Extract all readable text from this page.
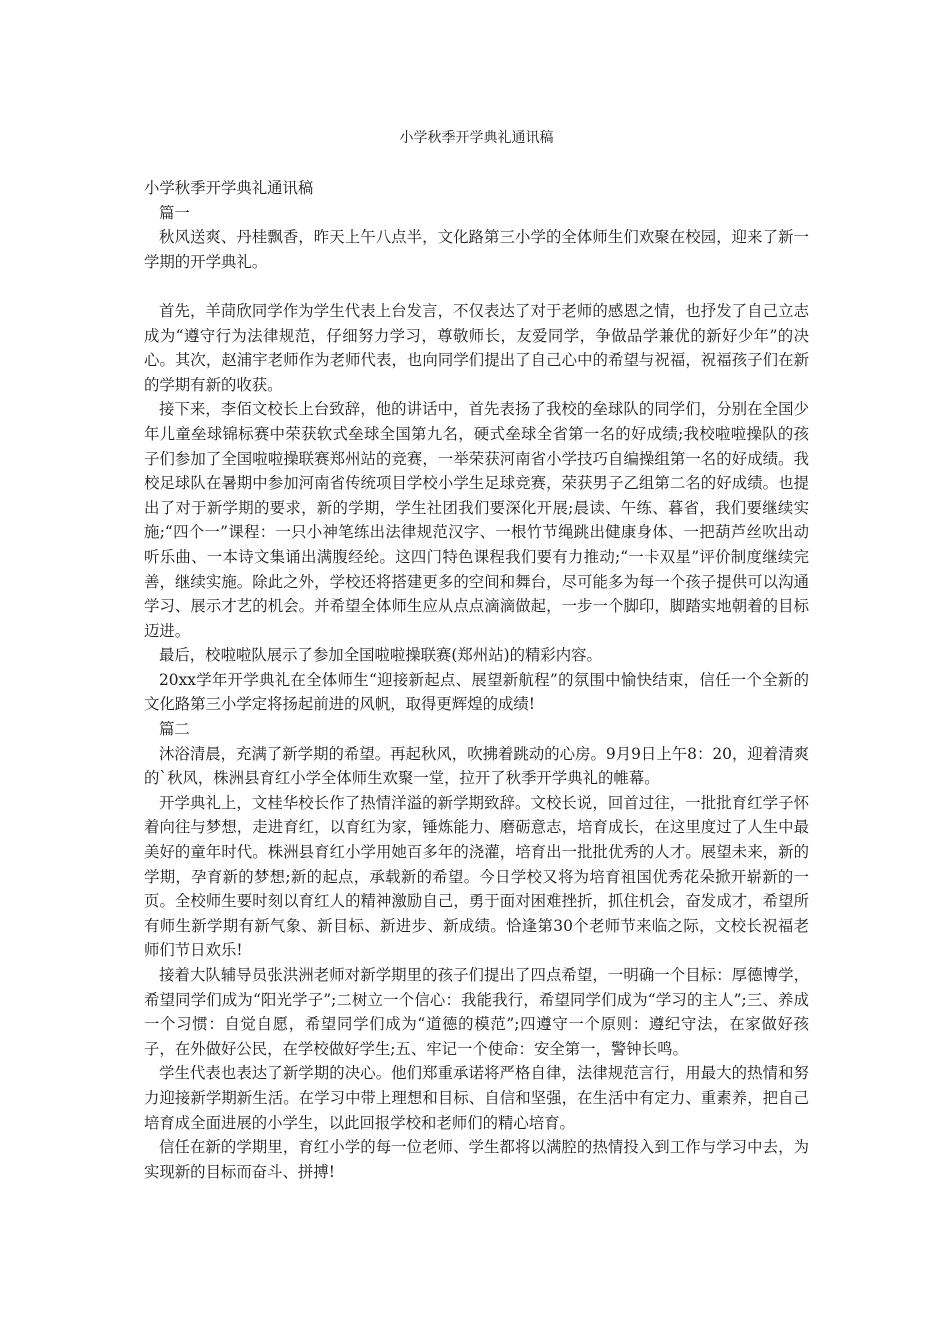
小学秋季开学典礼通讯稿

小学秋季开学典礼通讯稿

篇一

秋风送爽、丹桂飘香，昨天上午八点半，文化路第三小学的全体师生们欢聚在校园，迎来了新一学期的开学典礼。

首先，羊茼欣同学作为学生代表上台发言，不仅表达了对于老师的感恩之情，也抒发了自己立志成为“遵守行为法律规范，仔细努力学习，尊敬师长，友爱同学，争做品学兼优的新好少年”的决心。其次，赵浦宇老师作为老师代表，也向同学们提出了自己心中的希望与祝福，祝福孩子们在新的学期有新的收获。

接下来，李佰文校长上台致辞，他的讲话中，首先表扬了我校的垒球队的同学们，分别在全国少年儿童垒球锦标赛中荣获软式垒球全国第九名，硬式垒球全省第一名的好成绩;我校啦啦操队的孩子们参加了全国啦啦操联赛郑州站的竞赛，一举荣获河南省小学技巧自编操组第一名的好成绩。我校足球队在暑期中参加河南省传统项目学校小学生足球竞赛，荣获男子乙组第二名的好成绩。也提出了对于新学期的要求，新的学期，学生社团我们要深化开展;晨读、午练、暮省，我们要继续实施;“四个一”课程：一只小神笔练出法律规范汉字、一根竹节绳跳出健康身体、一把葫芦丝吹出动听乐曲、一本诗文集诵出满腹经纶。这四门特色课程我们要有力推动;“一卡双星”评价制度继续完善，继续实施。除此之外，学校还将搭建更多的空间和舞台，尽可能多为每一个孩子提供可以沟通学习、展示才艺的机会。并希望全体师生应从点点滴滴做起，一步一个脚印，脚踏实地朝着的目标迈进。

最后，校啦啦队展示了参加全国啦啦操联赛(郑州站)的精彩内容。

20xx学年开学典礼在全体师生“迎接新起点、展望新航程”的氛围中愉快结束，信任一个全新的文化路第三小学定将扬起前进的风帆，取得更辉煌的成绩!

篇二

沐浴清晨，充满了新学期的希望。再起秋风，吹拂着跳动的心房。9月9日上午8：20，迎着清爽的`秋风，株洲县育红小学全体师生欢聚一堂，拉开了秋季开学典礼的帷幕。

开学典礼上，文桂华校长作了热情洋溢的新学期致辞。文校长说，回首过往，一批批育红学子怀着向往与梦想，走进育红，以育红为家，锤炼能力、磨砺意志，培育成长，在这里度过了人生中最美好的童年时代。株洲县育红小学用她百多年的浇灌，培育出一批批优秀的人才。展望未来，新的学期，孕育新的梦想;新的起点，承载新的希望。今日学校又将为培育祖国优秀花朵掀开崭新的一页。全校师生要时刻以育红人的精神激励自己，勇于面对困难挫折，抓住机会，奋发成才，希望所有师生新学期有新气象、新目标、新进步、新成绩。恰逢第30个老师节来临之际，文校长祝福老师们节日欢乐!

接着大队辅导员张洪洲老师对新学期里的孩子们提出了四点希望，一明确一个目标：厚德博学，希望同学们成为“阳光学子”;二树立一个信心：我能我行，希望同学们成为“学习的主人”;三、养成一个习惯：自觉自愿，希望同学们成为“道德的模范”;四遵守一个原则：遵纪守法，在家做好孩子，在外做好公民，在学校做好学生;五、牢记一个使命：安全第一，警钟长鸣。

学生代表也表达了新学期的决心。他们郑重承诺将严格自律，法律规范言行，用最大的热情和努力迎接新学期新生活。在学习中带上理想和目标、自信和坚强，在生活中有定力、重素养，把自己培育成全面进展的小学生，以此回报学校和老师们的精心培育。

信任在新的学期里，育红小学的每一位老师、学生都将以满腔的热情投入到工作与学习中去，为实现新的目标而奋斗、拼搏!
